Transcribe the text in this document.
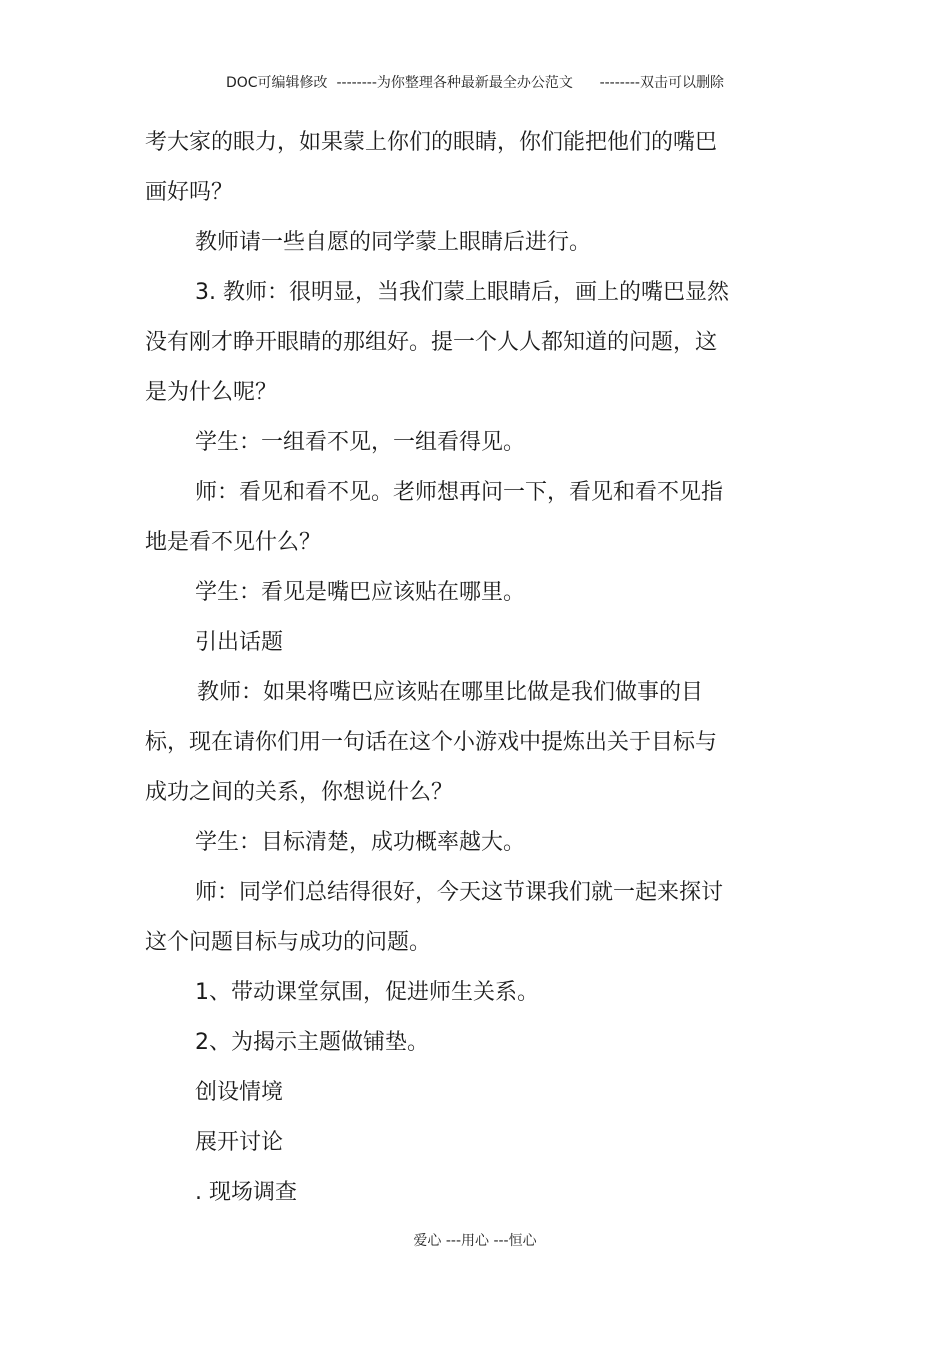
DOC可编辑修改  --------为你整理各种最新最全办公范文      --------双击可以删除
考大家的眼力，如果蒙上你们的眼睛，你们能把他们的嘴巴
画好吗？
教师请一些自愿的同学蒙上眼睛后进行。
3. 教师：很明显，当我们蒙上眼睛后，画上的嘴巴显然
没有刚才睁开眼睛的那组好。提一个人人都知道的问题，这
是为什么呢？
学生：一组看不见，一组看得见。
师：看见和看不见。老师想再问一下，看见和看不见指
地是看不见什么？
学生：看见是嘴巴应该贴在哪里。
引出话题
教师：如果将嘴巴应该贴在哪里比做是我们做事的目
标，现在请你们用一句话在这个小游戏中提炼出关于目标与
成功之间的关系，你想说什么？
学生：目标清楚，成功概率越大。
师：同学们总结得很好，今天这节课我们就一起来探讨
这个问题目标与成功的问题。
1、带动课堂氛围，促进师生关系。
2、为揭示主题做铺垫。
创设情境
展开讨论
. 现场调查
爱心 ---用心 ---恒心
